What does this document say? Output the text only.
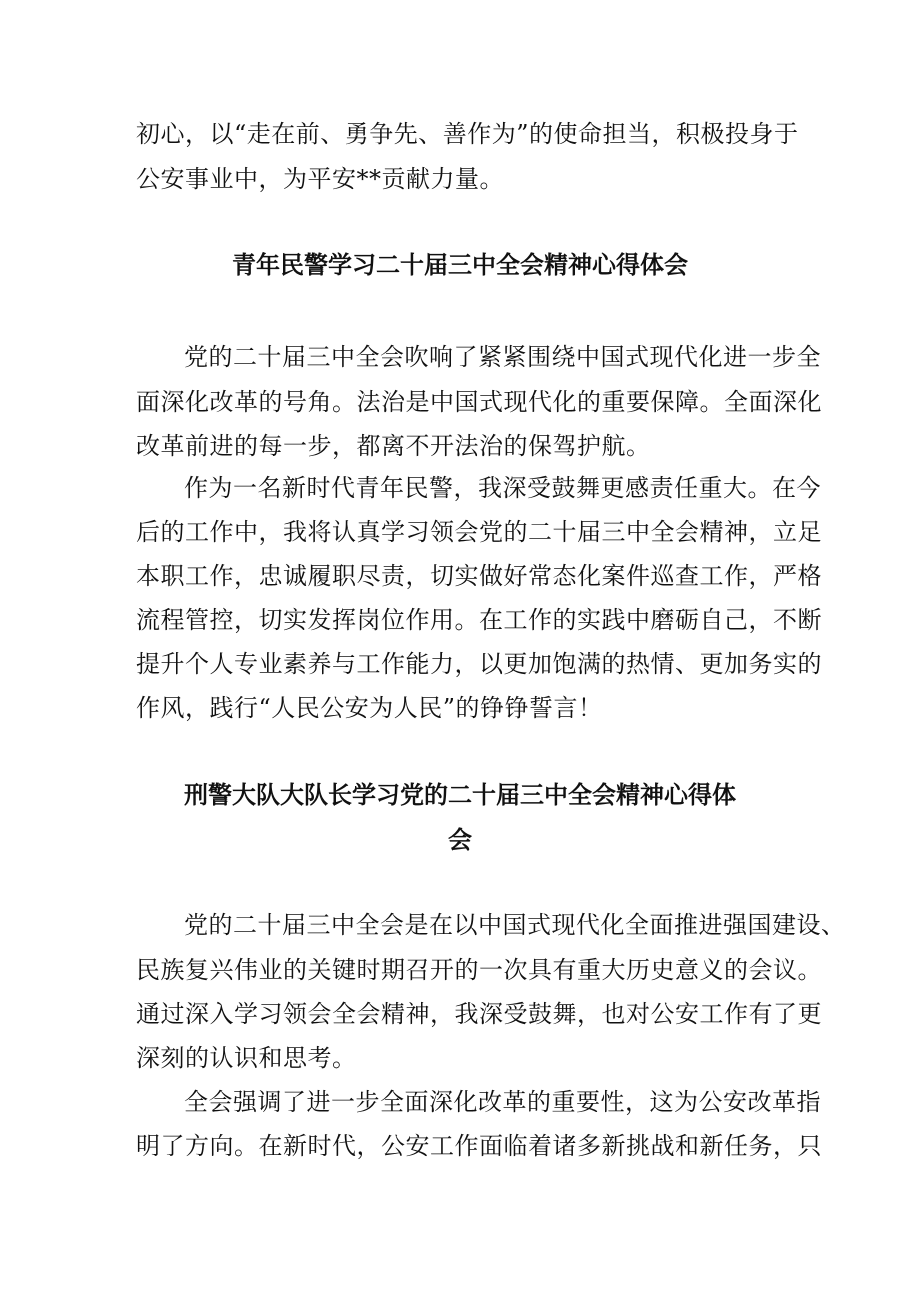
初心，以“走在前、勇争先、善作为”的使命担当，积极投身于
公安事业中，为平安**贡献力量。
青年民警学习二十届三中全会精神心得体会
党的二十届三中全会吹响了紧紧围绕中国式现代化进一步全
面深化改革的号角。法治是中国式现代化的重要保障。全面深化
改革前进的每一步，都离不开法治的保驾护航。
作为一名新时代青年民警，我深受鼓舞更感责任重大。在今
后的工作中，我将认真学习领会党的二十届三中全会精神，立足
本职工作，忠诚履职尽责，切实做好常态化案件巡查工作，严格
流程管控，切实发挥岗位作用。在工作的实践中磨砺自己，不断
提升个人专业素养与工作能力，以更加饱满的热情、更加务实的
作风，践行“人民公安为人民”的铮铮誓言！
刑警大队大队长学习党的二十届三中全会精神心得体
会
党的二十届三中全会是在以中国式现代化全面推进强国建设、
民族复兴伟业的关键时期召开的一次具有重大历史意义的会议。
通过深入学习领会全会精神，我深受鼓舞，也对公安工作有了更
深刻的认识和思考。
全会强调了进一步全面深化改革的重要性，这为公安改革指
明了方向。在新时代，公安工作面临着诸多新挑战和新任务，只
